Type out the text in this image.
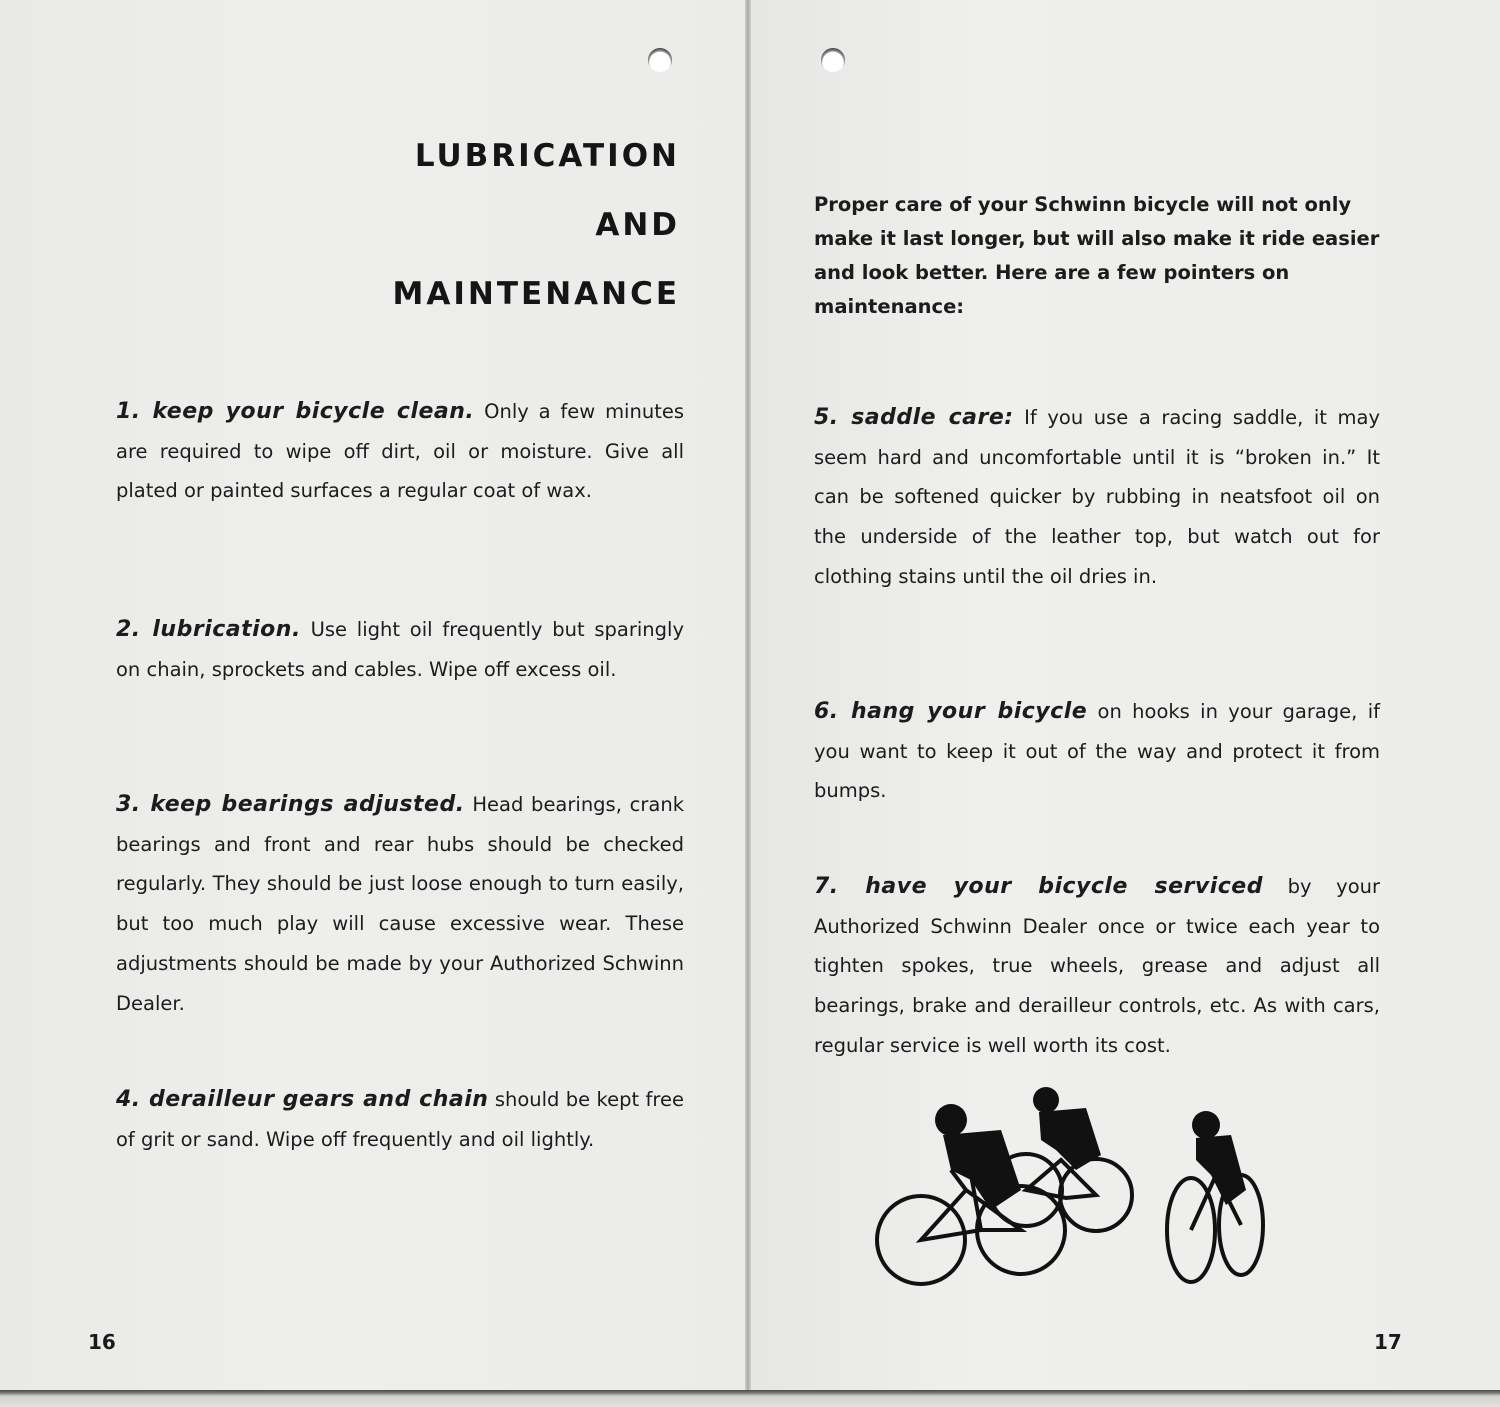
LUBRICATION
AND
MAINTENANCE
1. keep your bicycle clean. Only a few minutes are required to wipe off dirt, oil or moisture. Give all plated or painted surfaces a regular coat of wax.
2. lubrication. Use light oil frequently but sparingly on chain, sprockets and cables. Wipe off excess oil.
3. keep bearings adjusted. Head bearings, crank bearings and front and rear hubs should be checked regularly. They should be just loose enough to turn easily, but too much play will cause excessive wear. These adjustments should be made by your Authorized Schwinn Dealer.
4. derailleur gears and chain should be kept free of grit or sand. Wipe off frequently and oil lightly.
16
Proper care of your Schwinn bicycle will not only make it last longer, but will also make it ride easier and look better. Here are a few pointers on maintenance:
5. saddle care: If you use a racing saddle, it may seem hard and uncomfortable until it is “broken in.” It can be softened quicker by rubbing in neatsfoot oil on the underside of the leather top, but watch out for clothing stains until the oil dries in.
6. hang your bicycle on hooks in your garage, if you want to keep it out of the way and protect it from bumps.
7. have your bicycle serviced by your Authorized Schwinn Dealer once or twice each year to tighten spokes, true wheels, grease and adjust all bearings, brake and derailleur controls, etc. As with cars, regular service is well worth its cost.
17
